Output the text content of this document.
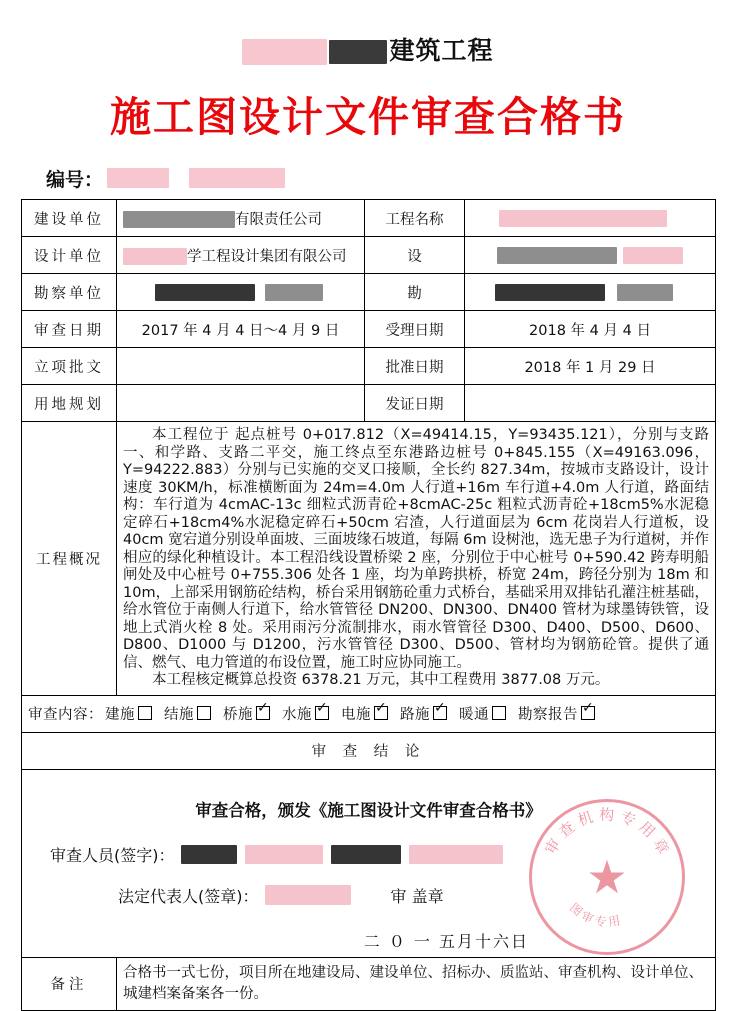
建筑工程
施工图设计文件审查合格书
编号：
建设单位	有限责任公司	工程名称	
设计单位	学工程设计集团有限公司	设	
勘察单位		勘	
审查日期	2017 年 4 月 4 日～4 月 9 日	受理日期	2018 年 4 月 4 日
立项批文		批准日期	2018 年 1 月 29 日
用地规划		发证日期	
工程概况	本工程位于 起点桩号 0+017.812（X=49414.15，Y=93435.121），分别与支路一、和学路、支路二平交，施工终点至东港路边桩号 0+845.155（X=49163.096，Y=94222.883）分别与已实施的交叉口接顺，全长约 827.34m，按城市支路设计，设计速度 30KM/h，标准横断面为 24m=4.0m 人行道+16m 车行道+4.0m 人行道，路面结构：车行道为 4cmAC-13c 细粒式沥青砼+8cmAC-25c 粗粒式沥青砼+18cm5%水泥稳定碎石+18cm4%水泥稳定碎石+50cm 宕渣，人行道面层为 6cm 花岗岩人行道板，设 40cm 宽宕道分别设单面坡、三面坡缘石坡道，每隔 6m 设树池，选无患子为行道树，并作相应的绿化种植设计。本工程沿线设置桥梁 2 座，分别位于中心桩号 0+590.42 跨寿明船闸处及中心桩号 0+755.306 处各 1 座，均为单跨拱桥，桥宽 24m，跨径分别为 18m 和 10m，上部采用钢筋砼结构，桥台采用钢筋砼重力式桥台，基础采用双排钻孔灌注桩基础，给水管位于南侧人行道下，给水管管径 DN200、DN300、DN400 管材为球墨铸铁管，设地上式消火栓 8 处。采用雨污分流制排水，雨水管管径 D300、D400、D500、D600、D800、D1000 与 D1200，污水管管径 D300、D500、管材均为钢筋砼管。提供了通信、燃气、电力管道的布设位置，施工时应协同施工。

本工程核定概算总投资 6378.21 万元，其中工程费用 3877.08 万元。		

审查内容： 建施 结施 桥施 ✓ 水施 ✓ 电施 ✓ 路施 ✓ 暖通 勘察报告 ✓

审 查 结 论			

审查合格，颁发《施工图设计文件审查合格书》
审查人员(签字)：
法定代表人(签章)：	审 盖章
二 ０ 一 五月十六日
★
审查机构专用章
图审专用

备注	合格书一式七份，项目所在地建设局、建设单位、招标办、质监站、审查机构、设计单位、城建档案备案各一份。		
